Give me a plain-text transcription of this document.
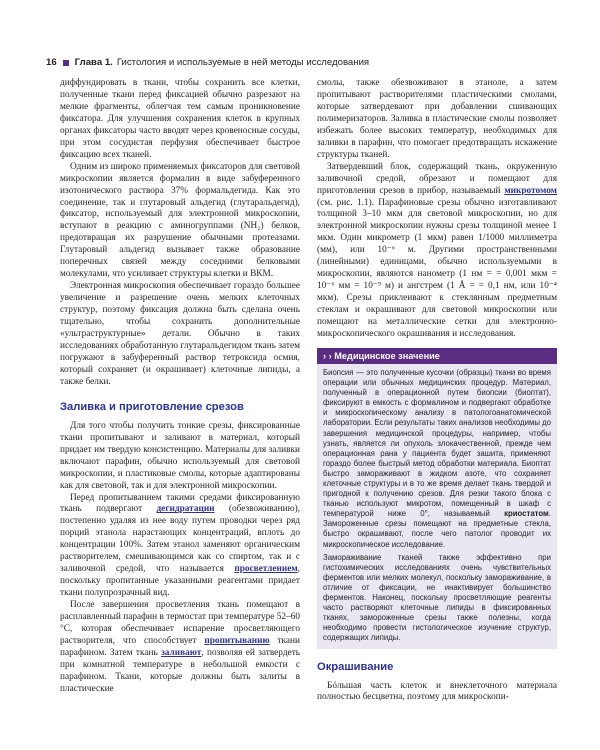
16 Глава 1. Гистология и используемые в ней методы исследования

диффундировать в ткани, чтобы сохранить все клетки, полученные ткани перед фиксацией обычно разрезают на мелкие фрагменты, облегчая тем самым проникновение фиксатора. Для улучшения сохранения клеток в крупных органах фиксаторы часто вводят через кровеносные сосуды, при этом сосудистая перфузия обеспечивает быстрое фиксацию всех тканей.

Одним из широко применяемых фиксаторов для световой микроскопии является формалин в виде забуференного изотонического раствора 37% формальдегида. Как это соединение, так и глутаровый альдегид (глутаральдегид), фиксатор, используемый для электронной микроскопии, вступают в реакцию с аминогруппами (NH₂) белков, предотвращая их разрушение обычными протеазами. Глутаровый альдегид вызывает также образование поперечных связей между соседними белковыми молекулами, что усиливает структуры клетки и ВКМ.

Электронная микроскопия обеспечивает гораздо большее увеличение и разрешение очень мелких клеточных структур, поэтому фиксация должна быть сделана очень тщательно, чтобы сохранить дополнительные «ультраструктурные» детали. Обычно в таких исследованиях обработанную глутаральдегидом ткань затем погружают в забуференный раствор тетроксида осмия, который сохраняет (и окрашивает) клеточные липиды, а также белки.

Заливка и приготовление срезов

Для того чтобы получить тонкие срезы, фиксированные ткани пропитывают и заливают в материал, который придает им твердую консистенцию. Материалы для заливки включают парафин, обычно используемый для световой микроскопии, и пластиковые смолы, которые адаптированы как для световой, так и для электронной микроскопии.

Перед пропитыванием такими средами фиксированную ткань подвергают дегидратации (обезвоживанию), постепенно удаляя из нее воду путем проводки через ряд порций этанола нарастающих концентраций, вплоть до концентрации 100%. Затем этанол заменяют органическим растворителем, смешивающимся как со спиртом, так и с заливочной средой, что называется просветлением, поскольку пропитанные указанными реагентами придает ткани полупрозрачный вид.

После завершения просветления ткань помещают в расплавленный парафин в термостат при температуре 52–60 °С, которая обеспечивает испарение просветляющего растворителя, что способствует пропитыванию ткани парафином. Затем ткань заливают, позволяя ей затвердеть при комнатной температуре в небольшой емкости с парафином. Ткани, которые должны быть залиты в пластические

смолы, также обезвоживают в этаноле, а затем пропитывают растворителями пластическими смолами, которые затвердевают при добавлении сшивающих полимеризаторов. Заливка в пластические смолы позволяет избежать более высоких температур, необходимых для заливки в парафин, что помогает предотвращать искажение структуры тканей.

Затвердевший блок, содержащий ткань, окруженную заливочной средой, обрезают и помещают для приготовления срезов в прибор, называемый микротомом (см. рис. 1.1). Парафиновые срезы обычно изготавливают толщиной 3–10 мкм для световой микроскопии, но для электронной микроскопии нужны срезы толщиной менее 1 мкм. Один микрометр (1 мкм) равен 1/1000 миллиметра (мм), или 10⁻⁶ м. Другими пространственными (линейными) единицами, обычно используемыми в микроскопии, являются нанометр (1 нм = = 0,001 мкм = 10⁻⁶ мм = 10⁻⁹ м) и ангстрем (1 Å = = 0,1 нм, или 10⁻⁴ мкм). Срезы приклеивают к стеклянным предметным стеклам и окрашивают для световой микроскопии или помещают на металлические сетки для электронно-микроскопического окрашивания и исследования.

› › Медицинское значение

Биопсия — это полученные кусочки (образцы) ткани во время операции или обычных медицинских процедур. Материал, полученный в операционной путем биопсии (биоптат), фиксируют в емкость с формалином и подвергают обработке и микроскопическому анализу в патологоанатомической лаборатории. Если результаты таких анализов необходимы до завершения медицинской процедуры, например, чтобы узнать, является ли опухоль злокачественной, прежде чем операционная рана у пациента будет зашита, применяют гораздо более быстрый метод обработки материала. Биоптат быстро замораживают в жидком азоте, что сохраняет клеточные структуры и в то же время делает ткань твердой и пригодной к получению срезов. Для резки такого блока с тканью используют микротом, помещенный в шкаф с температурой ниже 0°, называемый криостатом. Замороженные срезы помещают на предметные стекла, быстро окрашивают, после чего патолог проводит их микроскопическое исследование.

Замораживание тканей также эффективно при гистохимических исследованиях очень чувствительных ферментов или мелких молекул, поскольку замораживание, в отличие от фиксации, не инактивирует большинство ферментов. Наконец, поскольку просветляющие реагенты часто растворяют клеточные липиды в фиксированных тканях, замороженные срезы также полезны, когда необходимо провести гистологическое изучение структур, содержащих липиды.

Окрашивание

Бóльшая часть клеток и внеклеточного материала полностью бесцветна, поэтому для микроскопи-
